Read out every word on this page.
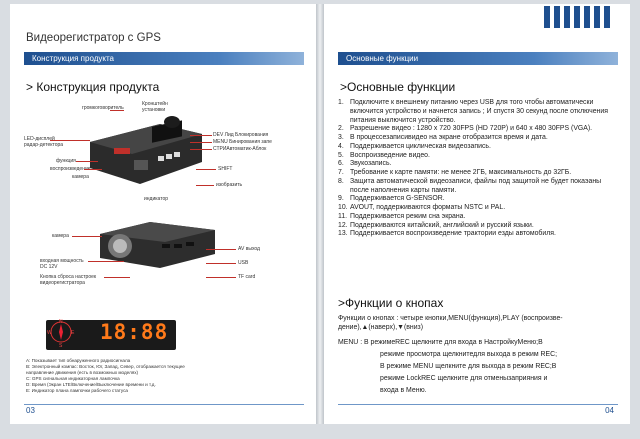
Видеорегистратор с GPS
Конструкция продукта
> Конструкция продукта
громкоговоритель
Кронштейн
установки
LED-дисплей
радар-детектора
функция
воспроизведение
камера
DEV Лид Блокирования
MENU Бинирования запе
СТРИАвтоматик-Аблок
SHIFT
изобразить
индикатор
камера
входная мощность
DC 12V
Кнопка сброса настроек
видеорегистратора
AV выход
USB
TF card
N
E
S
W 18:88
A: Показывает тип обнаруженного радиосигнала
B: Электронный компас: Восток, Юг, Запад, Север, отображается текущее
направление движения (есть в возможных моделях)
C: GPS сигнальная индикаторная лампочка
D: Время (Экран LTE/Включение/Выключение времени и т.д.
E: Индикатор плана лампочки рабочего статуса
03
Основные функции
>Основные функции
1. Подключите к внешнему питанию через USB для того чтобы автоматически включится устройство и начнется запись ; И спустя 30 секунд после отключения питания выключится устройство.
2. Разрешение видео : 1280 x 720 30FPS (HD 720P) и 640 x 480 30FPS (VGA).
3. В процессезаписивидео на экране отобразится время и дата.
4. Поддерживается циклическая видеозапись.
5. Воспроизведение видео.
6. Звукозапись.
7. Требование к карте памяти: не менее 2ГБ, максимальность до 32ГБ.
8. Защита автоматической видеозаписи, файлы под защитой не будет покаэаны после наполнения карты памяти.
9. Поддерживается G-SENSOR.
10. AVOUT, поддерживаются форматы NSTC и PAL.
11. Поддерживается режим сна экрана.
12. Поддерживаются китайский, английский и русский языки.
13. Поддерживается воспроизведение трактории езды автомобиля.
>Функции о кнопах
Функции о кнопах : четыре кнопки,MENU(функция),PLAY (воспроизве- дение),▲(наверх),▼(вниз)
MENU : В режимеREC щелкните для входа в НастройкуМеню;В
режиме просмотра щелкнитедля выхода в режим REC;
В режиме MENU щелкните для выхода в режим REC;В
режиме LockREC щелкните для отменызаприяния и
входа в Меню.
04
